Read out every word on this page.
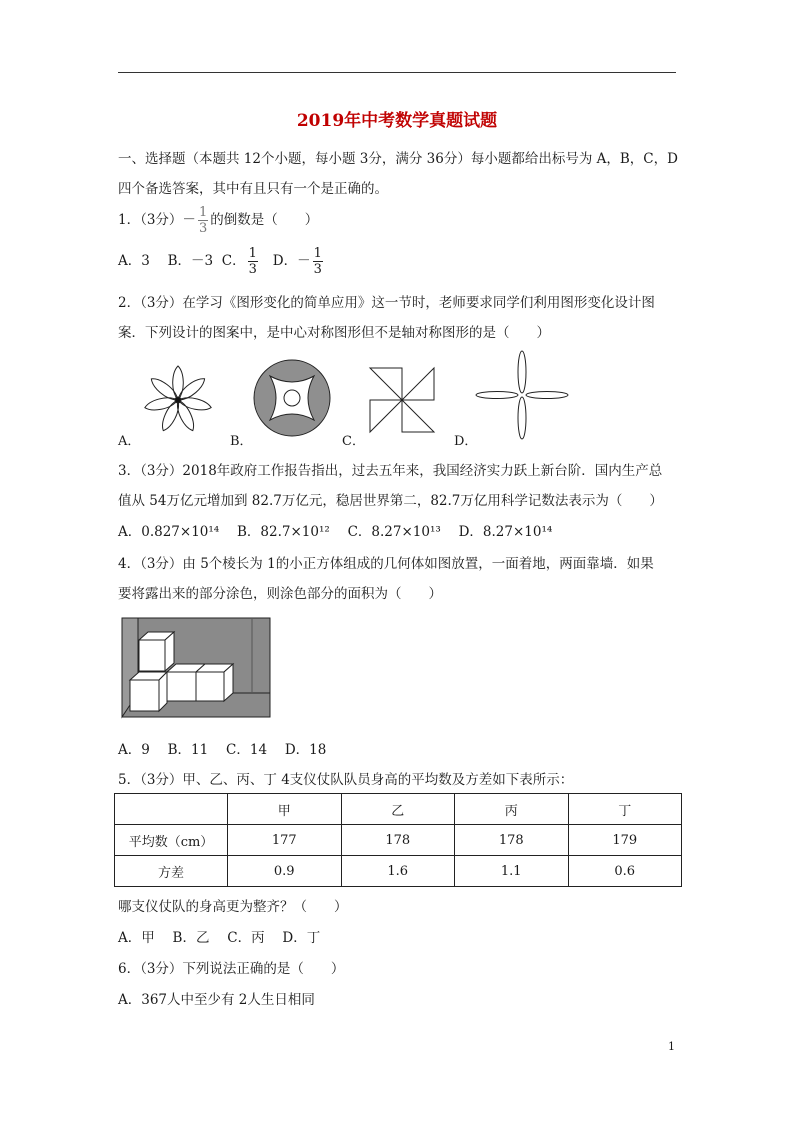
2019年中考数学真题试题
一、选择题（本题共 12个小题，每小题 3分，满分 36分）每小题都给出标号为 A，B，C，D
四个备选答案，其中有且只有一个是正确的。
1．（3分）－ $\frac{1}{3}$ 的倒数是（　　）
A．3　 B．－3 C． $\frac{1}{3}$ D．－ $\frac{1}{3}$
2．（3分）在学习《图形变化的简单应用》这一节时，老师要求同学们利用图形变化设计图
案．下列设计的图案中，是中心对称图形但不是轴对称图形的是（　　）
A．	B．	C．	D．
3．（3分）2018年政府工作报告指出，过去五年来，我国经济实力跃上新台阶．国内生产总
值从 54万亿元增加到 82.7万亿元，稳居世界第二，82.7万亿用科学记数法表示为（　　）
A．0.827×10¹⁴　 B．82.7×10¹²　 C．8.27×10¹³　 D．8.27×10¹⁴
4．（3分）由 5个棱长为 1的小正方体组成的几何体如图放置，一面着地，两面靠墙．如果
要将露出来的部分涂色，则涂色部分的面积为（　　）
A．9　 B．11　 C．14　 D．18
5．（3分）甲、乙、丙、丁 4支仪仗队队员身高的平均数及方差如下表所示：
	甲	乙	丙	丁
平均数（cm）	177	178	178	179
方差	0.9	1.6	1.1	0.6
哪支仪仗队的身高更为整齐？（　　）
A．甲　 B．乙　 C．丙　 D．丁
6．（3分）下列说法正确的是（　　）
A．367人中至少有 2人生日相同
1
